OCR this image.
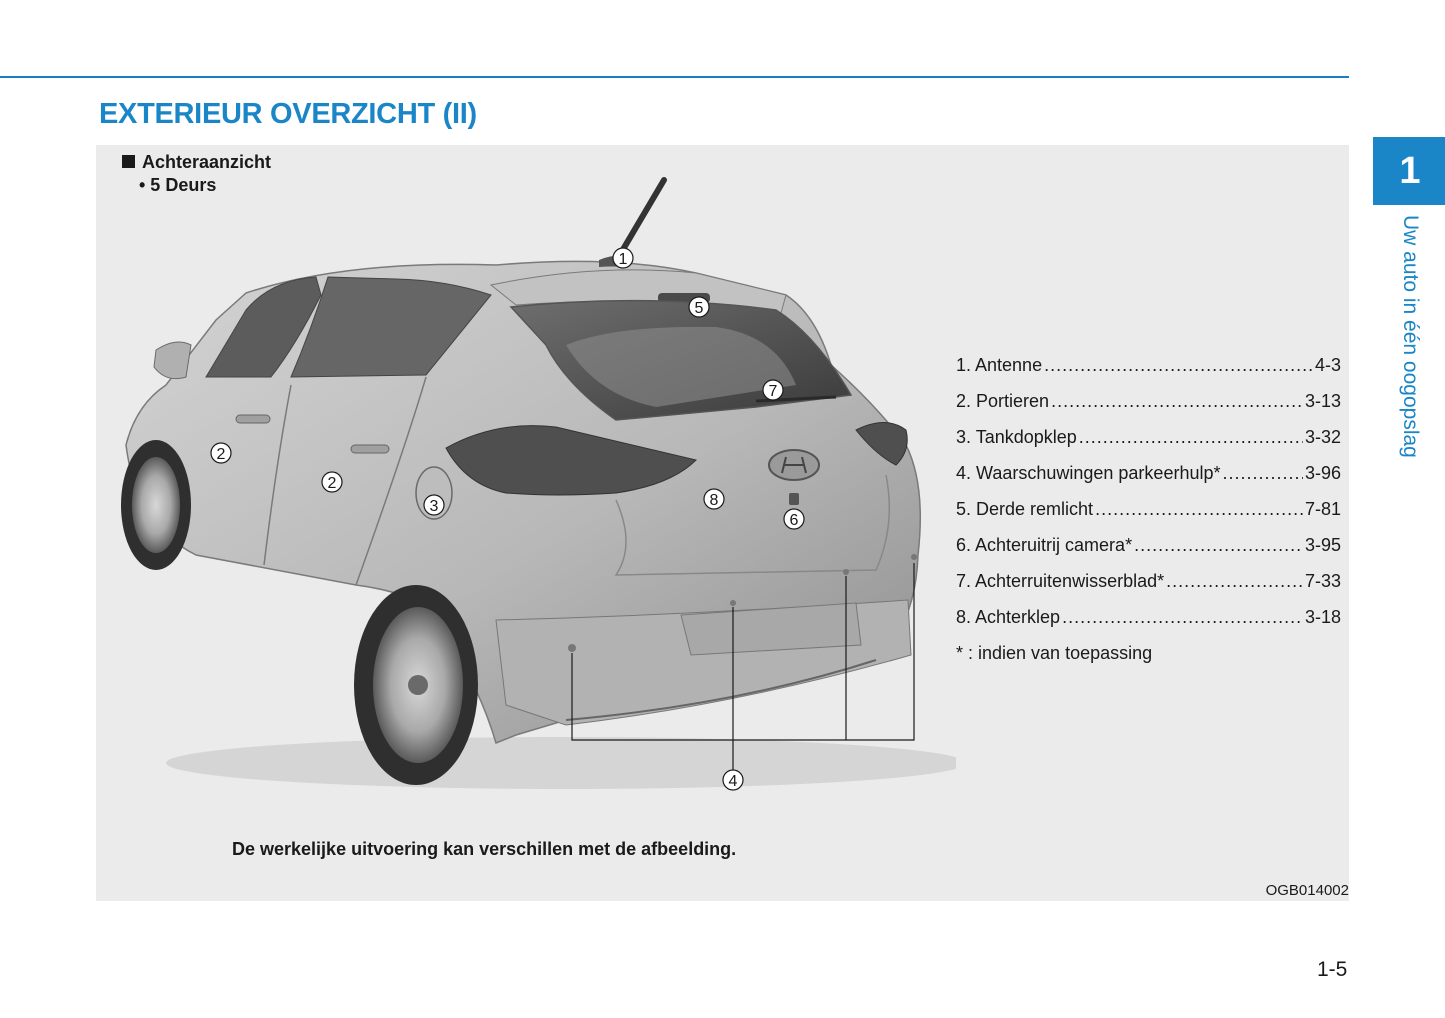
EXTERIEUR OVERZICHT (II)
1
Uw auto in één oogopslag
Achteraanzicht
• 5 Deurs
1
5
7
2
2
3	8
6
4
1. Antenne .....	4-3
2. Portieren .....	3-13
3. Tankdopklep .....	3-32
4. Waarschuwingen parkeerhulp* .....	3-96
5. Derde remlicht .....	7-81
6. Achteruitrij camera* .....	3-95
7. Achterruitenwisserblad* .....	7-33
8. Achterklep .....	3-18
* : indien van toepassing
De werkelijke uitvoering kan verschillen met de afbeelding.
OGB014002
1-5
